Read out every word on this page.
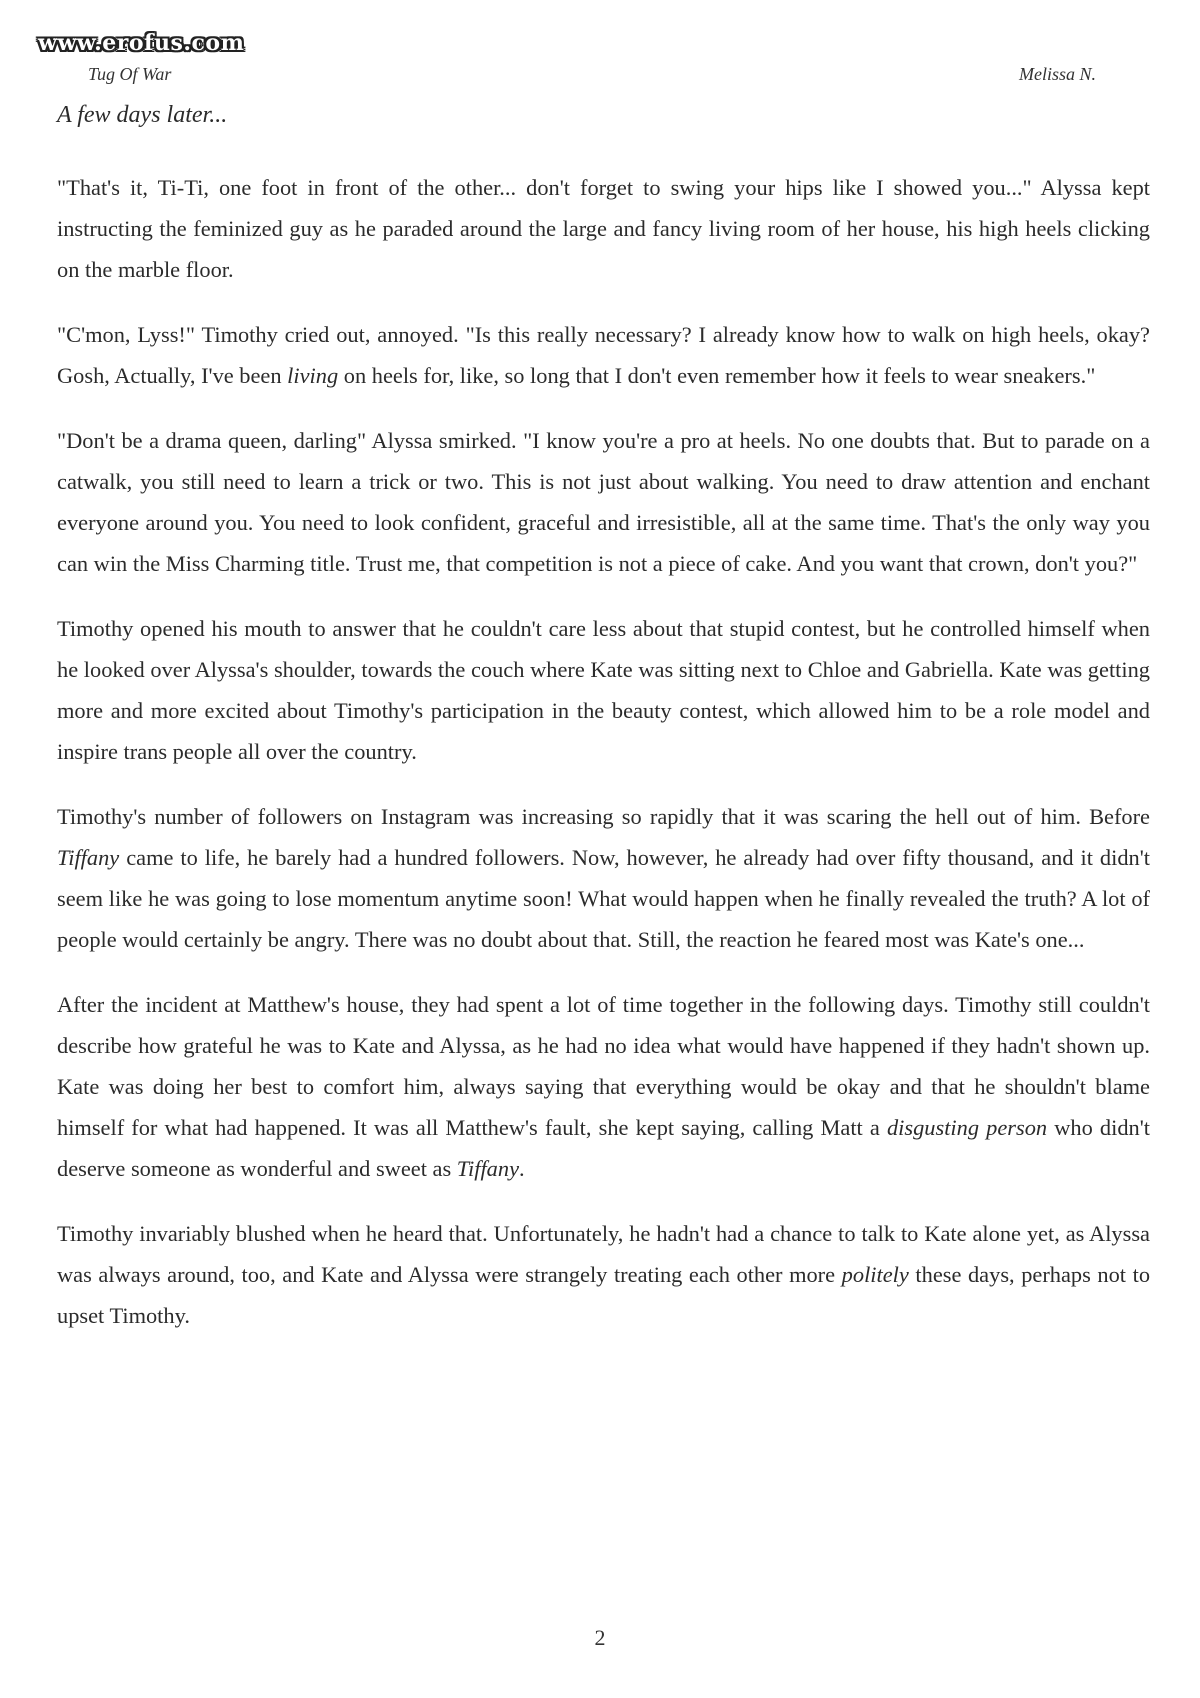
www.erofus.com
Tug Of War	Melissa N.
A few days later...

"That's it, Ti-Ti, one foot in front of the other... don't forget to swing your hips like I showed you..." Alyssa kept instructing the feminized guy as he paraded around the large and fancy living room of her house, his high heels clicking on the marble floor.

"C'mon, Lyss!" Timothy cried out, annoyed. "Is this really necessary? I already know how to walk on high heels, okay? Gosh, Actually, I've been living on heels for, like, so long that I don't even remember how it feels to wear sneakers."

"Don't be a drama queen, darling" Alyssa smirked. "I know you're a pro at heels. No one doubts that. But to parade on a catwalk, you still need to learn a trick or two. This is not just about walking. You need to draw attention and enchant everyone around you. You need to look confident, graceful and irresistible, all at the same time. That's the only way you can win the Miss Charming title. Trust me, that competition is not a piece of cake. And you want that crown, don't you?"

Timothy opened his mouth to answer that he couldn't care less about that stupid contest, but he controlled himself when he looked over Alyssa's shoulder, towards the couch where Kate was sitting next to Chloe and Gabriella. Kate was getting more and more excited about Timothy's participation in the beauty contest, which allowed him to be a role model and inspire trans people all over the country.

Timothy's number of followers on Instagram was increasing so rapidly that it was scaring the hell out of him. Before Tiffany came to life, he barely had a hundred followers. Now, however, he already had over fifty thousand, and it didn't seem like he was going to lose momentum anytime soon! What would happen when he finally revealed the truth? A lot of people would certainly be angry. There was no doubt about that. Still, the reaction he feared most was Kate's one...

After the incident at Matthew's house, they had spent a lot of time together in the following days. Timothy still couldn't describe how grateful he was to Kate and Alyssa, as he had no idea what would have happened if they hadn't shown up. Kate was doing her best to comfort him, always saying that everything would be okay and that he shouldn't blame himself for what had happened. It was all Matthew's fault, she kept saying, calling Matt a disgusting person who didn't deserve someone as wonderful and sweet as Tiffany.

Timothy invariably blushed when he heard that. Unfortunately, he hadn't had a chance to talk to Kate alone yet, as Alyssa was always around, too, and Kate and Alyssa were strangely treating each other more politely these days, perhaps not to upset Timothy.

2
